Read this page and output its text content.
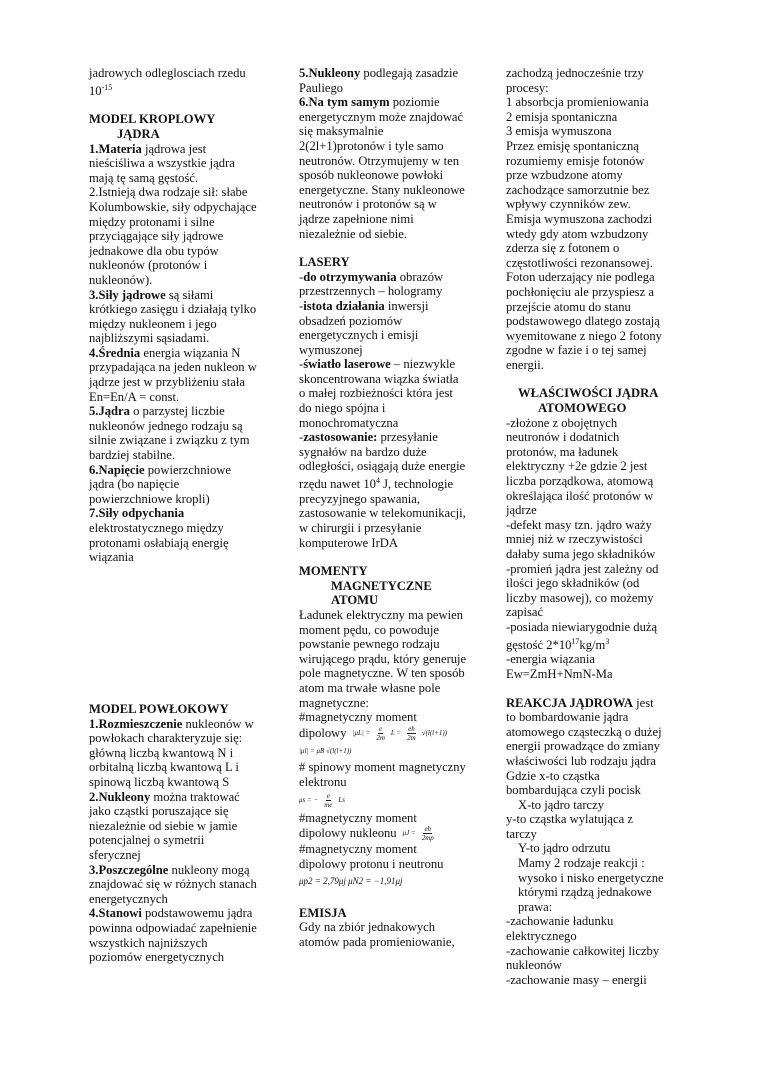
jadrowych odleglosciach rzedu $10^{-15}$

MODEL KROPLOWY

JĄDRA

1.Materia jądrowa jest nieściśliwa a wszystkie jądra mają tę samą gęstość.

2.Istnieją dwa rodzaje sił: słabe Kolumbowskie, siły odpychające między protonami i silne przyciągające siły jądrowe jednakowe dla obu typów nukleonów (protonów i nukleonów).

3.Siły jądrowe są siłami krótkiego zasięgu i działają tylko między nukleonem i jego najbliższymi sąsiadami.

4.Średnia energia wiązania N przypadająca na jeden nukleon w jądrze jest w przybliżeniu stała En=En/A = const.

5.Jądra o parzystej liczbie nukleonów jednego rodzaju są silnie związane i związku z tym bardziej stabilne.

6.Napięcie powierzchniowe jądra (bo napięcie powierzchniowe kropli)

7.Siły odpychania elektrostatycznego między protonami osłabiają energię wiązania

MODEL POWŁOKOWY

1.Rozmieszczenie nukleonów w powłokach charakteryzuje się: główną liczbą kwantową N i orbitalną liczbą kwantową L i spinową liczbą kwantową S

2.Nukleony można traktować jako cząstki poruszające się niezależnie od siebie w jamie potencjalnej o symetrii sferycznej

3.Poszczególne nukleony mogą znajdować się w różnych stanach energetycznych

4.Stanowi podstawowemu jądra powinna odpowiadać zapełnienie wszystkich najniższych poziomów energetycznych

5.Nukleony podlegają zasadzie Pauliego

6.Na tym samym poziomie energetycznym może znajdować się maksymalnie 2(2l+1)protonów i tyle samo neutronów. Otrzymujemy w ten sposób nukleonowe powłoki energetyczne. Stany nukleonowe neutronów i protonów są w jądrze zapełnione nimi niezależnie od siebie.

LASERY

-do otrzymywania obrazów przestrzennych – hologramy

-istota działania inwersji obsadzeń poziomów energetycznych i emisji wymuszonej

-światło laserowe – niezwykle skoncentrowana wiązka światła o małej rozbieżności która jest do niego spójna i monochromatyczna

-zastosowanie: przesyłanie sygnałów na bardzo duże odległości, osiągają duże energie rzędu nawet $10^4$ J, technologie precyzyjnego spawania, zastosowanie w telekomunikacji, w chirurgii i przesyłanie komputerowe IrDA

MOMENTY

MAGNETYCZNE

ATOMU

Ładunek elektryczny ma pewien moment pędu, co powoduje powstanie pewnego rodzaju wirującego prądu, który generuje pole magnetyczne. W ten sposób atom ma trwałe własne pole magnetyczne:

#magnetyczny moment

dipolowy $|\mu L| = \frac{e}{2m}$ $L = \frac{eh}{2m} √(l(l+1))$

|μl| = μB √(l(l+1))

# spinowy moment magnetyczny elektronu

μs = − $\frac{e}{me}$ Ls

#magnetyczny moment

dipolowy nukleonu $\mu J = \frac{eh}{2mp}$

#magnetyczny moment dipolowy protonu i neutronu

μp2 = 2,79μj μN2 = −1,91μj

EMISJA

Gdy na zbiór jednakowych atomów pada promieniowanie,

zachodzą jednocześnie trzy procesy:

1 absorbcja promieniowania

2 emisja spontaniczna

3 emisja wymuszona

Przez emisję spontaniczną rozumiemy emisje fotonów prze wzbudzone atomy zachodzące samorzutnie bez wpływy czynników zew. Emisja wymuszona zachodzi wtedy gdy atom wzbudzony zderza się z fotonem o częstotliwości rezonansowej. Foton uderzający nie podlega pochłonięciu ale przyspiesz a przejście atomu do stanu podstawowego dlatego zostają wyemitowane z niego 2 fotony zgodne w fazie i o tej samej energii.

WŁAŚCIWOŚCI JĄDRA

ATOMOWEGO

-złożone z obojętnych neutronów i dodatnich protonów, ma ładunek elektryczny +2e gdzie 2 jest liczba porządkowa, atomową określająca ilość protonów w jądrze

-defekt masy tzn. jądro waży mniej niż w rzeczywistości dałaby suma jego składników

-promień jądra jest zależny od ilości jego składników (od liczby masowej), co możemy zapisać

-posiada niewiarygodnie dużą gęstość $2*10^{17}kg/m^3$

-energia wiązania

Ew=ZmH+NmN-Ma

REAKCJA JĄDROWA jest to bombardowanie jądra atomowego cząsteczką o dużej energii prowadzące do zmiany właściwości lub rodzaju jądra Gdzie x-to cząstka bombardująca czyli pocisk

X-to jądro tarczy

y-to cząstka wylatująca z tarczy

Y-to jądro odrzutu

Mamy 2 rodzaje reakcji : wysoko i nisko energetyczne którymi rządzą jednakowe prawa:

-zachowanie ładunku elektrycznego

-zachowanie całkowitej liczby nukleonów

-zachowanie masy – energii
